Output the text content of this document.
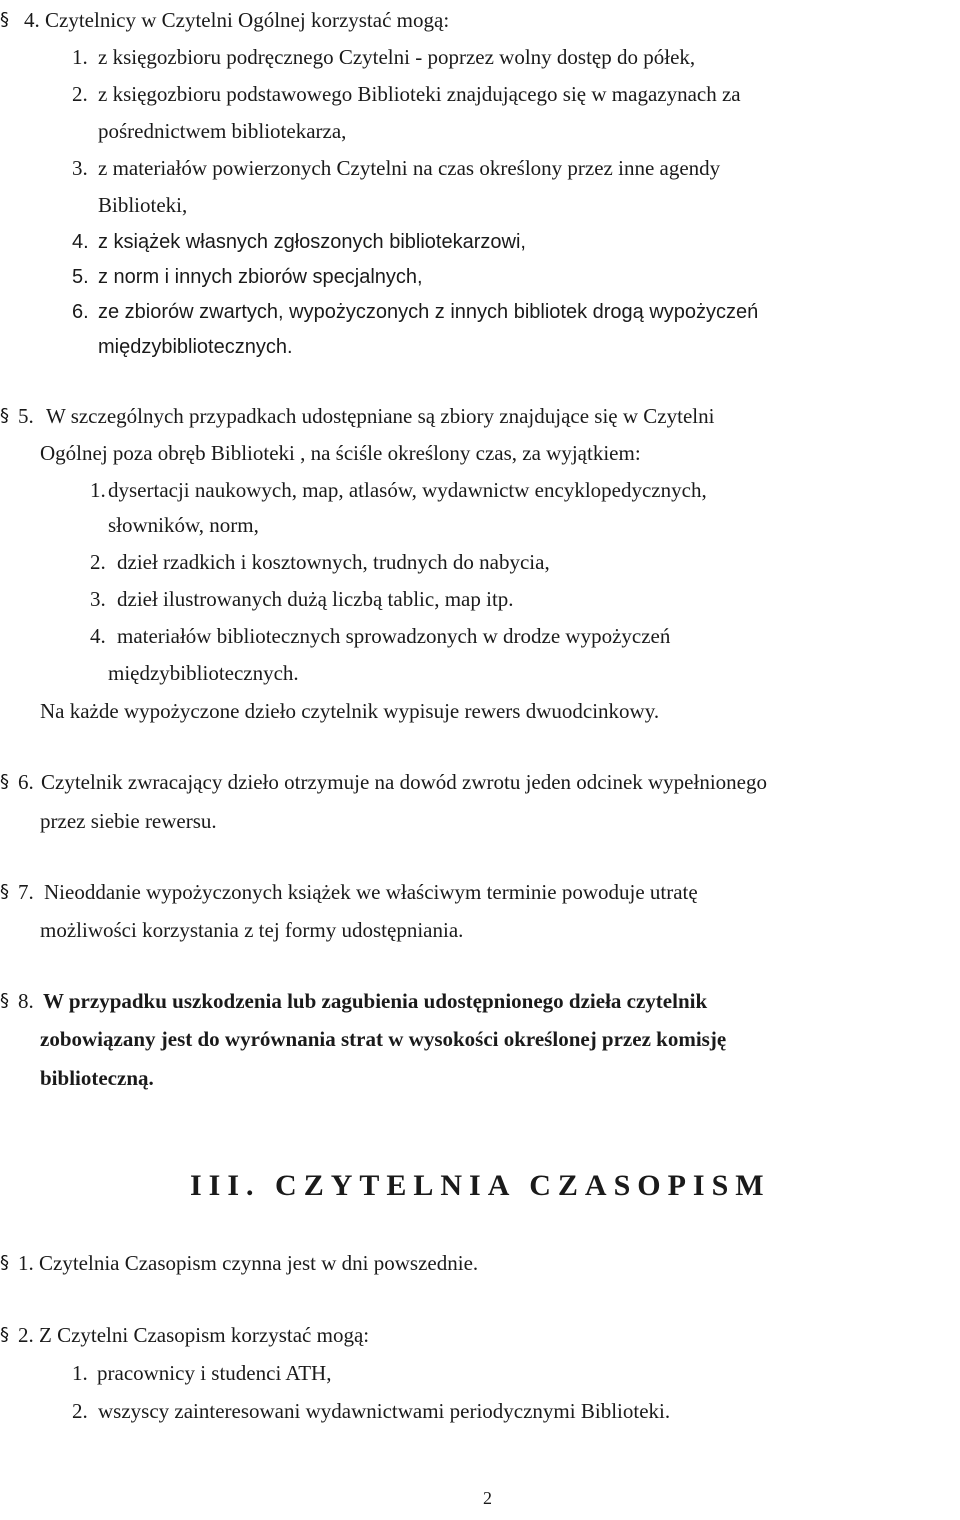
§ 4. Czytelnicy w Czytelni Ogólnej korzystać mogą:
1. z księgozbioru podręcznego Czytelni - poprzez wolny dostęp do półek,
2. z księgozbioru podstawowego Biblioteki znajdującego się w magazynach za
pośrednictwem bibliotekarza,
3. z materiałów powierzonych Czytelni na czas określony przez inne agendy
Biblioteki,
4. z książek własnych zgłoszonych bibliotekarzowi,
5. z norm i innych zbiorów specjalnych,
6. ze zbiorów zwartych, wypożyczonych z innych bibliotek drogą wypożyczeń
międzybibliotecznych.
§ 5. W szczególnych przypadkach udostępniane są zbiory znajdujące się w Czytelni
Ogólnej poza obręb Biblioteki , na ściśle określony czas, za wyjątkiem:
1. dysertacji naukowych, map, atlasów, wydawnictw encyklopedycznych,
słowników, norm,
2. dzieł rzadkich i kosztownych, trudnych do nabycia,
3. dzieł ilustrowanych dużą liczbą tablic, map itp.
4. materiałów bibliotecznych sprowadzonych w drodze wypożyczeń
międzybibliotecznych.
Na każde wypożyczone dzieło czytelnik wypisuje rewers dwuodcinkowy.
§ 6. Czytelnik zwracający dzieło otrzymuje na dowód zwrotu jeden odcinek wypełnionego
przez siebie rewersu.
§ 7. Nieoddanie wypożyczonych książek we właściwym terminie powoduje utratę
możliwości korzystania z tej formy udostępniania.
§ 8. W przypadku uszkodzenia lub zagubienia udostępnionego dzieła czytelnik
zobowiązany jest do wyrównania strat w wysokości określonej przez komisję
biblioteczną.
III. CZYTELNIA CZASOPISM
§ 1. Czytelnia Czasopism czynna jest w dni powszednie.
§ 2. Z Czytelni Czasopism korzystać mogą:
1. pracownicy i studenci ATH,
2. wszyscy zainteresowani wydawnictwami periodycznymi Biblioteki.
2
